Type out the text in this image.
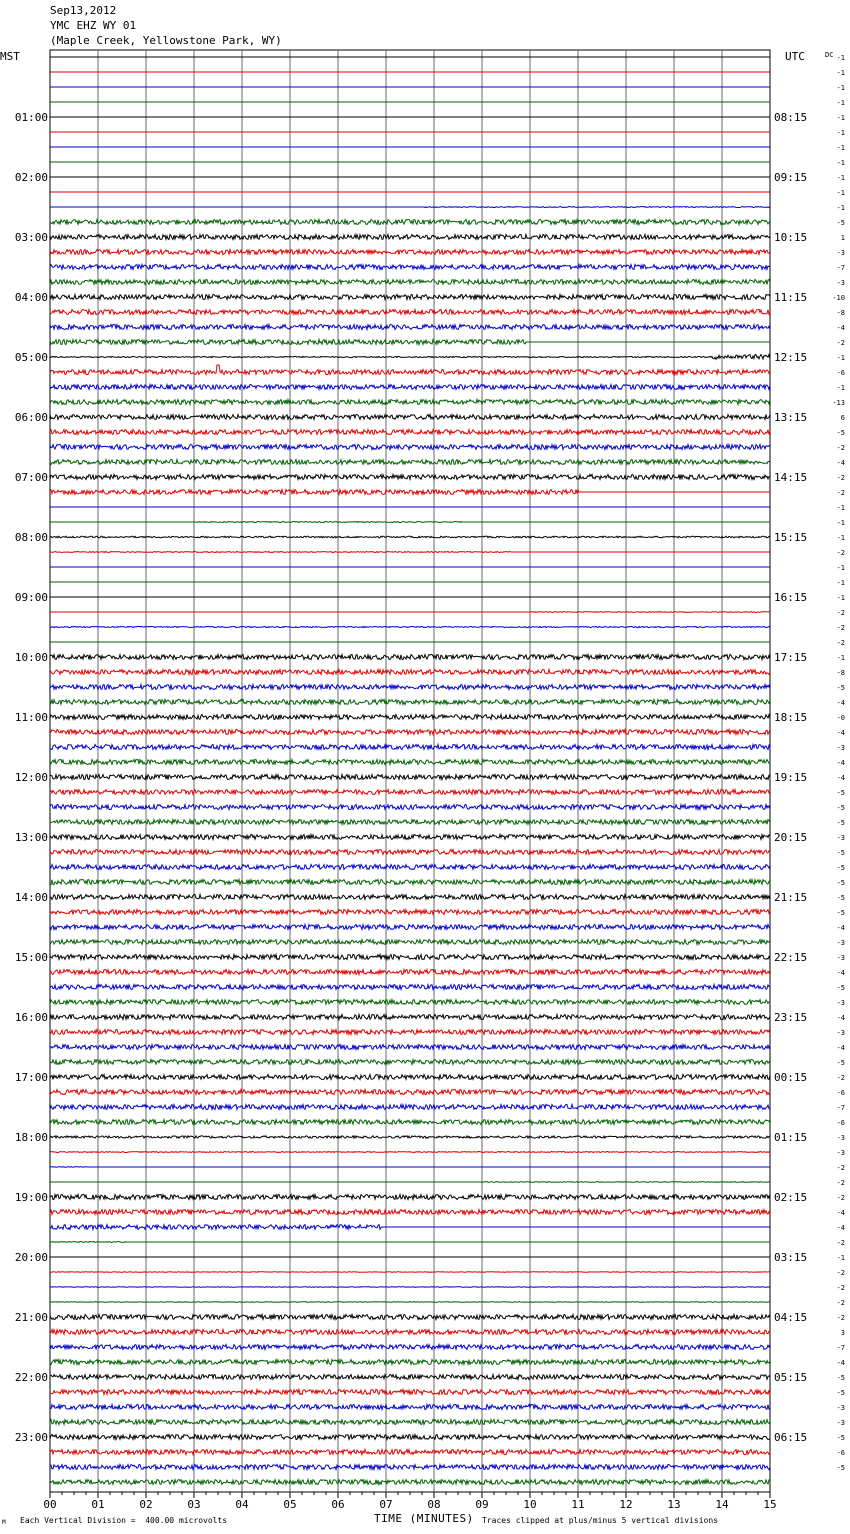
Sep13,2012
YMC EHZ WY 01
(Maple Creek, Yellowstone Park, WY)
MST	UTC
01:00
02:00
03:00
04:00
05:00
06:00
07:00
08:00
09:00
10:00
11:00
12:00
13:00
14:00
15:00
16:00
17:00
18:00
19:00
20:00
21:00
22:00
23:00
08:15
09:15
10:15
11:15
12:15
13:15
14:15
15:15
16:15
17:15
18:15
19:15
20:15
21:15
22:15
23:15
00:15
01:15
02:15
03:15
04:15
05:15
06:15
DC -1
-1
-1
-1
-1
-1
-1
-1
-1
-1
-1
-5
1
-3
-7
-3
-10
-8
-4
-2
-1
-6
-1
-13
6
-5
-2
-4
-2
-2
-1
-1
-1
-2
-1
-1
-1
-2
-2
-2
-1
-8
-5
-4
-0
-4
-3
-4
-4
-5
-5
-5
-3
-5
-5
-5
-5
-5
-4
-3
-3
-4
-5
-3
-4
-3
-4
-5
-2
-6
-7
-6
-3
-3
-2
-2
-2
-4
-4
-2
-1
-2
-2
-2
-2
3
-7
-4
-5
-5
-3
-3
-5
-6
-5
00	01	02	03	04	05	06	07	08	09	10	11	12	13	14	15
M Each Vertical Division =  400.00 microvolts	TIME (MINUTES) Traces clipped at plus/minus 5 vertical divisions
